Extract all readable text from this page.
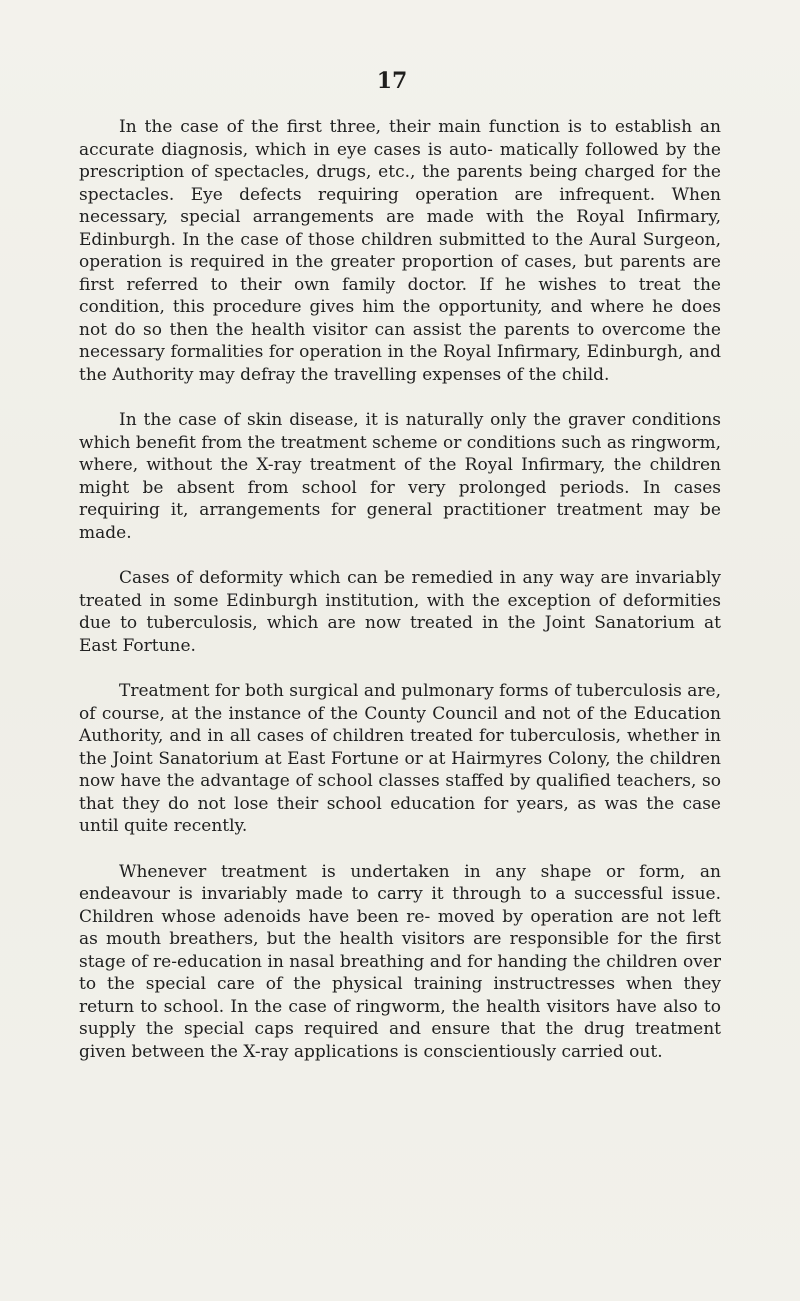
17

In the case of the first three, their main function is to establish an accurate diagnosis, which in eye cases is auto- matically followed by the prescription of spectacles, drugs, etc., the parents being charged for the spectacles. Eye defects requiring operation are infrequent. When necessary, special arrangements are made with the Royal Infirmary, Edinburgh. In the case of those children submitted to the Aural Surgeon, operation is required in the greater proportion of cases, but parents are first referred to their own family doctor. If he wishes to treat the condition, this procedure gives him the opportunity, and where he does not do so then the health visitor can assist the parents to overcome the necessary formalities for operation in the Royal Infirmary, Edinburgh, and the Authority may defray the travelling expenses of the child.

In the case of skin disease, it is naturally only the graver conditions which benefit from the treatment scheme or conditions such as ringworm, where, without the X-ray treatment of the Royal Infirmary, the children might be absent from school for very prolonged periods. In cases requiring it, arrangements for general practitioner treatment may be made.

Cases of deformity which can be remedied in any way are invariably treated in some Edinburgh institution, with the exception of deformities due to tuberculosis, which are now treated in the Joint Sanatorium at East Fortune.

Treatment for both surgical and pulmonary forms of tuberculosis are, of course, at the instance of the County Council and not of the Education Authority, and in all cases of children treated for tuberculosis, whether in the Joint Sanatorium at East Fortune or at Hairmyres Colony, the children now have the advantage of school classes staffed by qualified teachers, so that they do not lose their school education for years, as was the case until quite recently.

Whenever treatment is undertaken in any shape or form, an endeavour is invariably made to carry it through to a successful issue. Children whose adenoids have been re- moved by operation are not left as mouth breathers, but the health visitors are responsible for the first stage of re-education in nasal breathing and for handing the children over to the special care of the physical training instructresses when they return to school. In the case of ringworm, the health visitors have also to supply the special caps required and ensure that the drug treatment given between the X-ray applications is conscientiously carried out.
